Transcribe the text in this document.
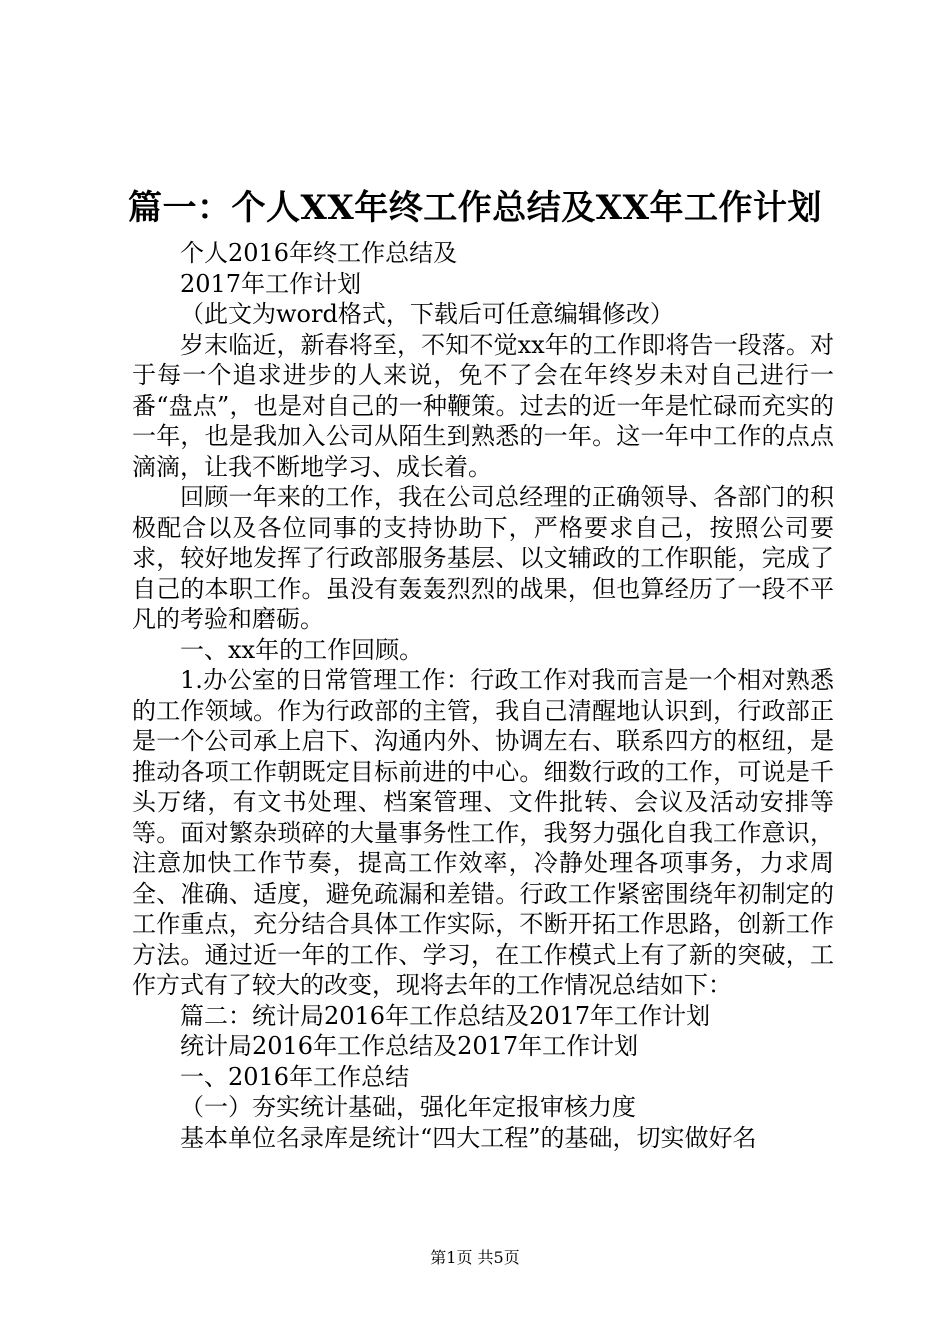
篇一：个人XX年终工作总结及XX年工作计划

个人2016年终工作总结及

2017年工作计划

（此文为word格式，下载后可任意编辑修改）

岁末临近，新春将至，不知不觉xx年的工作即将告一段落。对于每一个追求进步的人来说，免不了会在年终岁未对自己进行一番“盘点”，也是对自己的一种鞭策。过去的近一年是忙碌而充实的一年，也是我加入公司从陌生到熟悉的一年。这一年中工作的点点滴滴，让我不断地学习、成长着。

回顾一年来的工作，我在公司总经理的正确领导、各部门的积极配合以及各位同事的支持协助下，严格要求自己，按照公司要求，较好地发挥了行政部服务基层、以文辅政的工作职能，完成了自己的本职工作。虽没有轰轰烈烈的战果，但也算经历了一段不平凡的考验和磨砺。

一、xx年的工作回顾。

1.办公室的日常管理工作：行政工作对我而言是一个相对熟悉的工作领域。作为行政部的主管，我自己清醒地认识到，行政部正是一个公司承上启下、沟通内外、协调左右、联系四方的枢纽，是推动各项工作朝既定目标前进的中心。细数行政的工作，可说是千头万绪，有文书处理、档案管理、文件批转、会议及活动安排等等。面对繁杂琐碎的大量事务性工作，我努力强化自我工作意识，注意加快工作节奏，提高工作效率，冷静处理各项事务，力求周全、准确、适度，避免疏漏和差错。行政工作紧密围绕年初制定的工作重点，充分结合具体工作实际，不断开拓工作思路，创新工作方法。通过近一年的工作、学习，在工作模式上有了新的突破，工作方式有了较大的改变，现将去年的工作情况总结如下：

篇二：统计局2016年工作总结及2017年工作计划

统计局2016年工作总结及2017年工作计划

一、2016年工作总结

（一）夯实统计基础，强化年定报审核力度

基本单位名录库是统计“四大工程”的基础，切实做好名

第1页 共5页
